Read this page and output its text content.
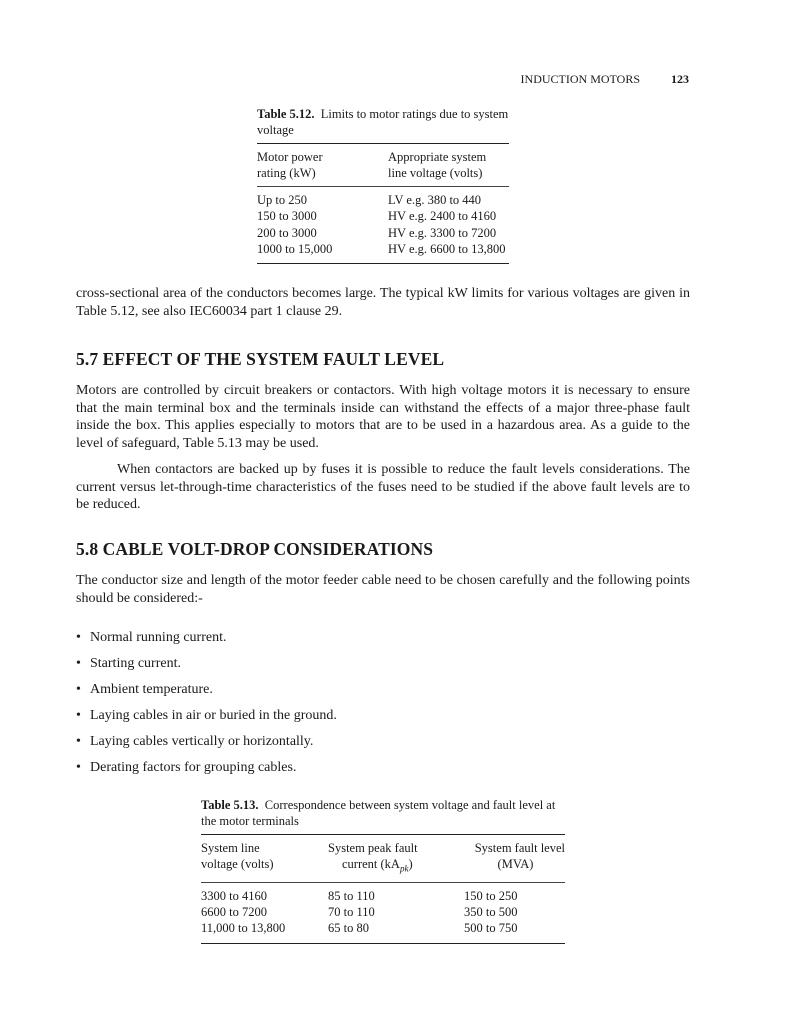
INDUCTION MOTORS	123

Table 5.12. Limits to motor ratings due to system voltage

Motor power	Appropriate system
rating (kW)	line voltage (volts)
Up to 250	LV e.g. 380 to 440
150 to 3000	HV e.g. 2400 to 4160
200 to 3000	HV e.g. 3300 to 7200
1000 to 15,000	HV e.g. 6600 to 13,800

cross-sectional area of the conductors becomes large. The typical kW limits for various voltages are given in Table 5.12, see also IEC60034 part 1 clause 29.

5.7 EFFECT OF THE SYSTEM FAULT LEVEL

Motors are controlled by circuit breakers or contactors. With high voltage motors it is necessary to ensure that the main terminal box and the terminals inside can withstand the effects of a major three-phase fault inside the box. This applies especially to motors that are to be used in a hazardous area. As a guide to the level of safeguard, Table 5.13 may be used.

When contactors are backed up by fuses it is possible to reduce the fault levels considerations. The current versus let-through-time characteristics of the fuses need to be studied if the above fault levels are to be reduced.

5.8 CABLE VOLT-DROP CONSIDERATIONS

The conductor size and length of the motor feeder cable need to be chosen carefully and the following points should be considered:-

• Normal running current.
• Starting current.
• Ambient temperature.
• Laying cables in air or buried in the ground.
• Laying cables vertically or horizontally.
• Derating factors for grouping cables.

Table 5.13. Correspondence between system voltage and fault level at the motor terminals

System line	System peak fault	System fault level
voltage (volts)	current $(kA_{pk})$	(MVA)
3300 to 4160	85 to 110	150 to 250
6600 to 7200	70 to 110	350 to 500
11,000 to 13,800	65 to 80	500 to 750
